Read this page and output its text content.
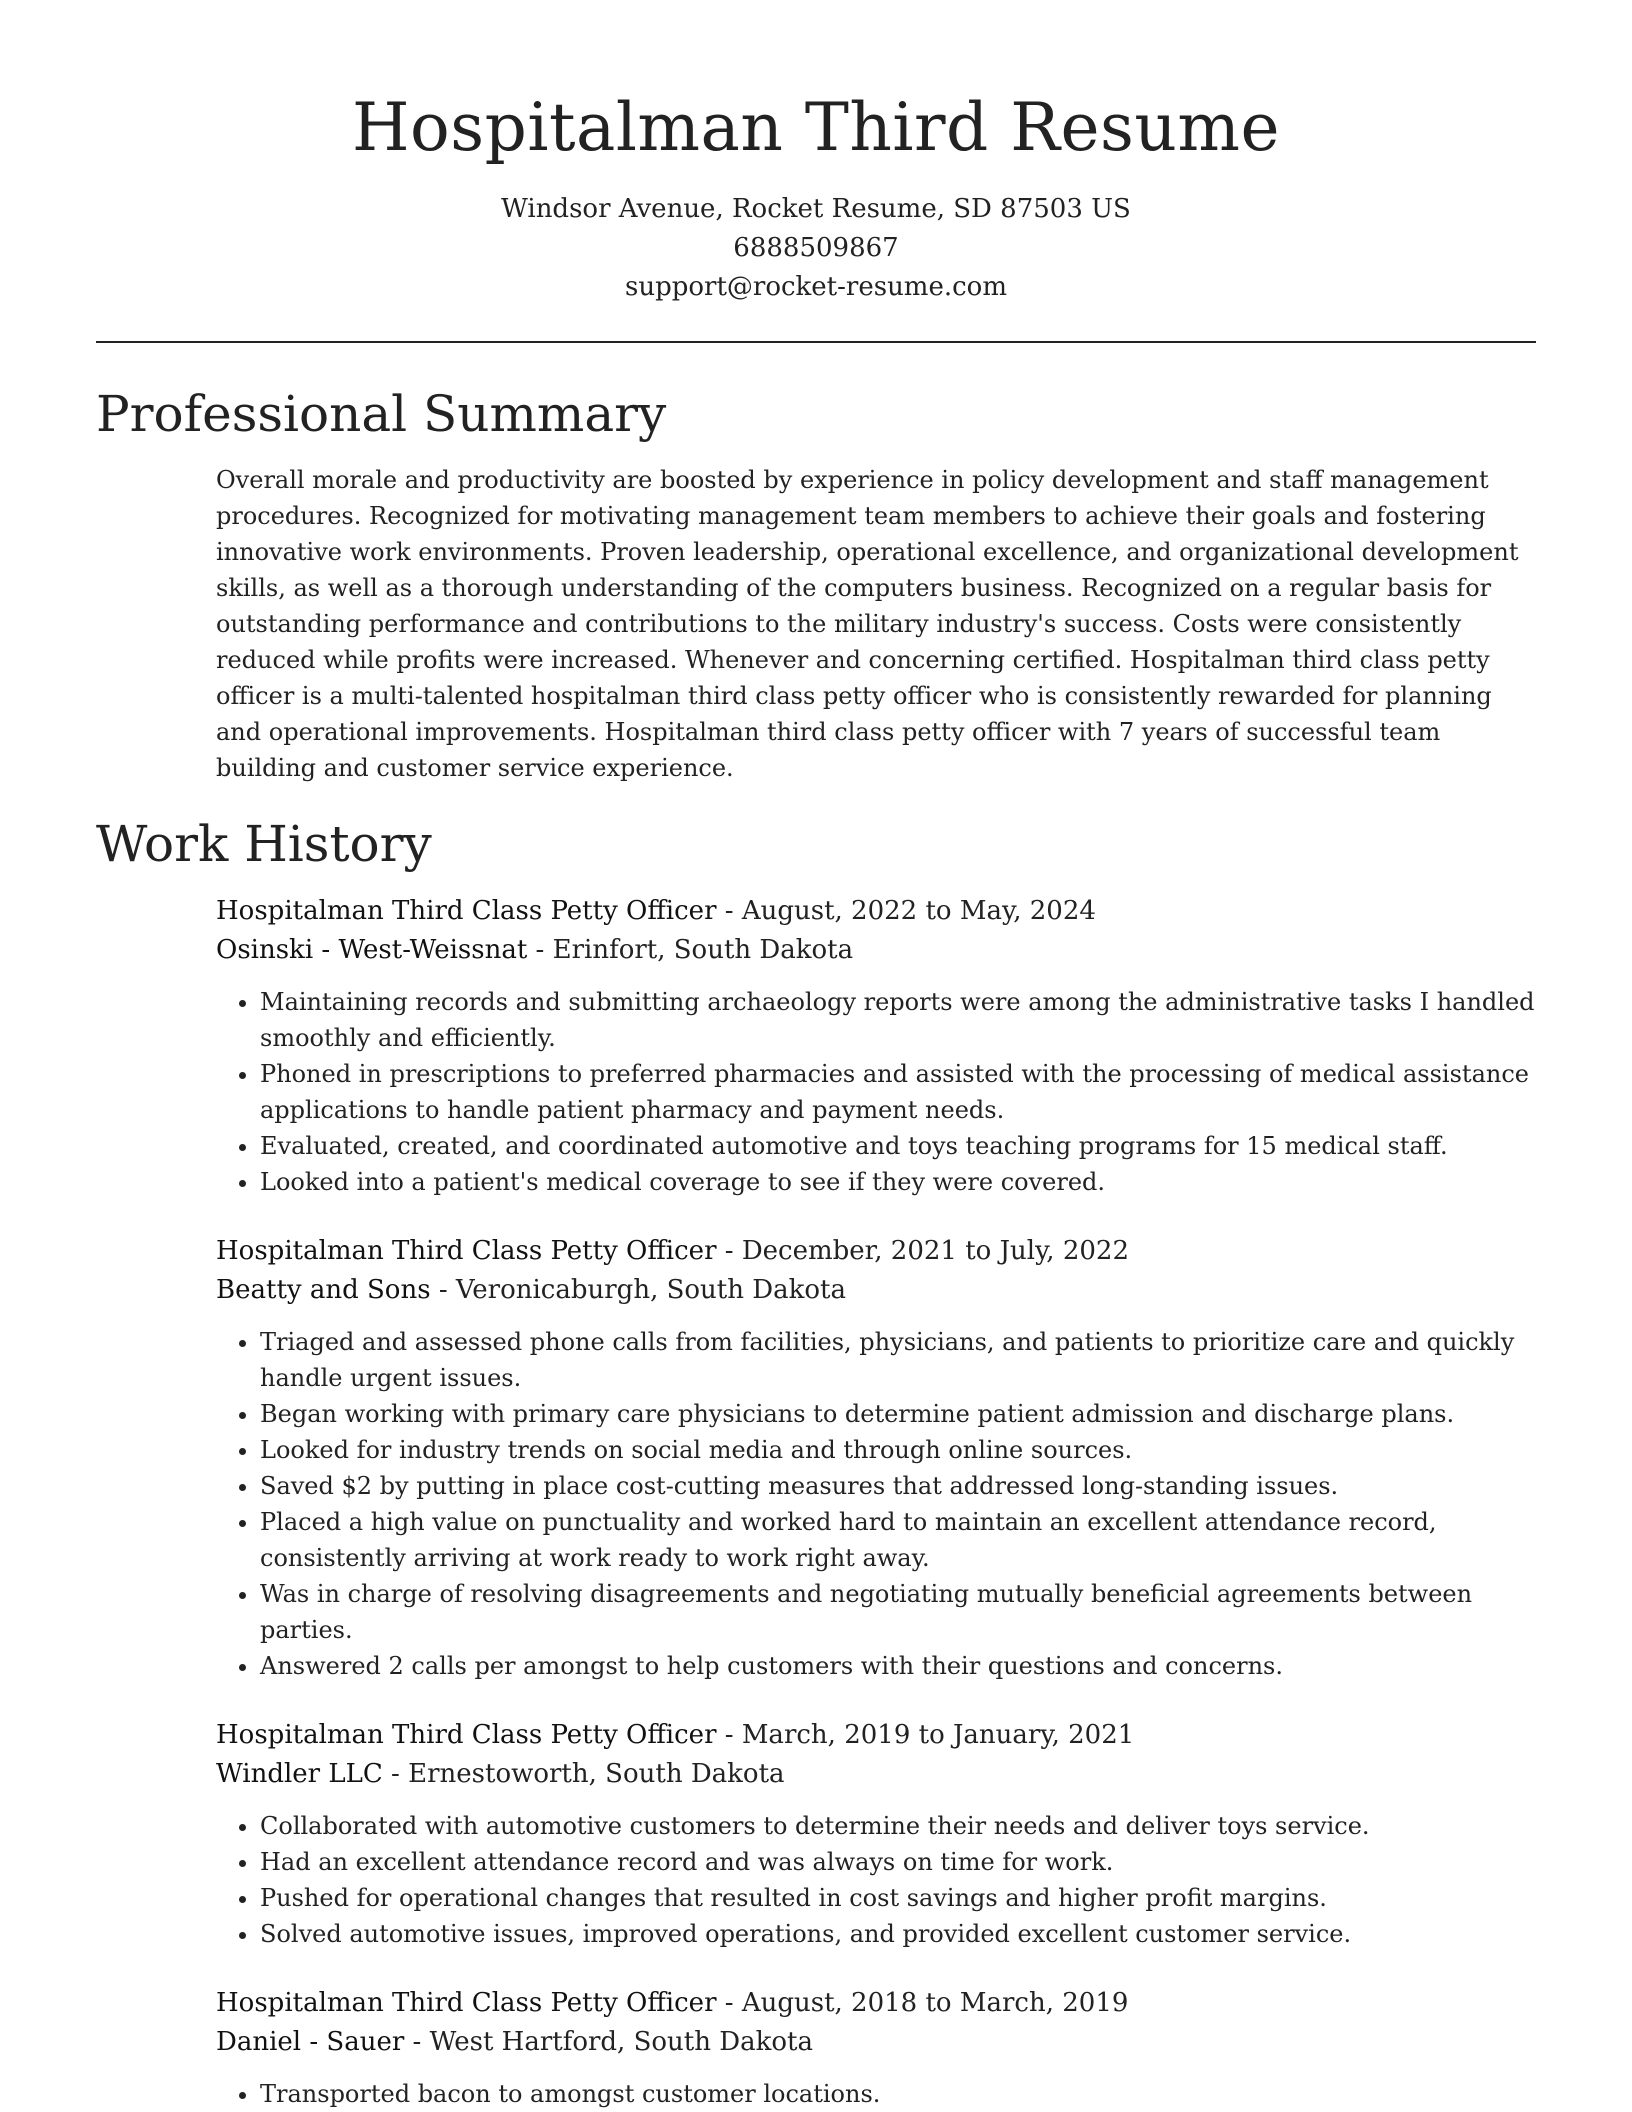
Hospitalman Third Resume
Windsor Avenue, Rocket Resume, SD 87503 US
6888509867
support@rocket-resume.com
Professional Summary

Overall morale and productivity are boosted by experience in policy development and staff management procedures. Recognized for motivating management team members to achieve their goals and fostering innovative work environments. Proven leadership, operational excellence, and organizational development skills, as well as a thorough understanding of the computers business. Recognized on a regular basis for outstanding performance and contributions to the military industry's success. Costs were consistently reduced while profits were increased. Whenever and concerning certified. Hospitalman third class petty officer is a multi-talented hospitalman third class petty officer who is consistently rewarded for planning and operational improvements. Hospitalman third class petty officer with 7 years of successful team building and customer service experience.

Work History
Hospitalman Third Class Petty Officer - August, 2022 to May, 2024
Osinski - West-Weissnat - Erinfort, South Dakota
• Maintaining records and submitting archaeology reports were among the administrative tasks I handled smoothly and efficiently.
• Phoned in prescriptions to preferred pharmacies and assisted with the processing of medical assistance applications to handle patient pharmacy and payment needs.
• Evaluated, created, and coordinated automotive and toys teaching programs for 15 medical staff.
• Looked into a patient's medical coverage to see if they were covered.
Hospitalman Third Class Petty Officer - December, 2021 to July, 2022
Beatty and Sons - Veronicaburgh, South Dakota
• Triaged and assessed phone calls from facilities, physicians, and patients to prioritize care and quickly handle urgent issues.
• Began working with primary care physicians to determine patient admission and discharge plans.
• Looked for industry trends on social media and through online sources.
• Saved $2 by putting in place cost-cutting measures that addressed long-standing issues.
• Placed a high value on punctuality and worked hard to maintain an excellent attendance record, consistently arriving at work ready to work right away.
• Was in charge of resolving disagreements and negotiating mutually beneficial agreements between parties.
• Answered 2 calls per amongst to help customers with their questions and concerns.
Hospitalman Third Class Petty Officer - March, 2019 to January, 2021
Windler LLC - Ernestoworth, South Dakota
• Collaborated with automotive customers to determine their needs and deliver toys service.
• Had an excellent attendance record and was always on time for work.
• Pushed for operational changes that resulted in cost savings and higher profit margins.
• Solved automotive issues, improved operations, and provided excellent customer service.
Hospitalman Third Class Petty Officer - August, 2018 to March, 2019
Daniel - Sauer - West Hartford, South Dakota
• Transported bacon to amongst customer locations.
